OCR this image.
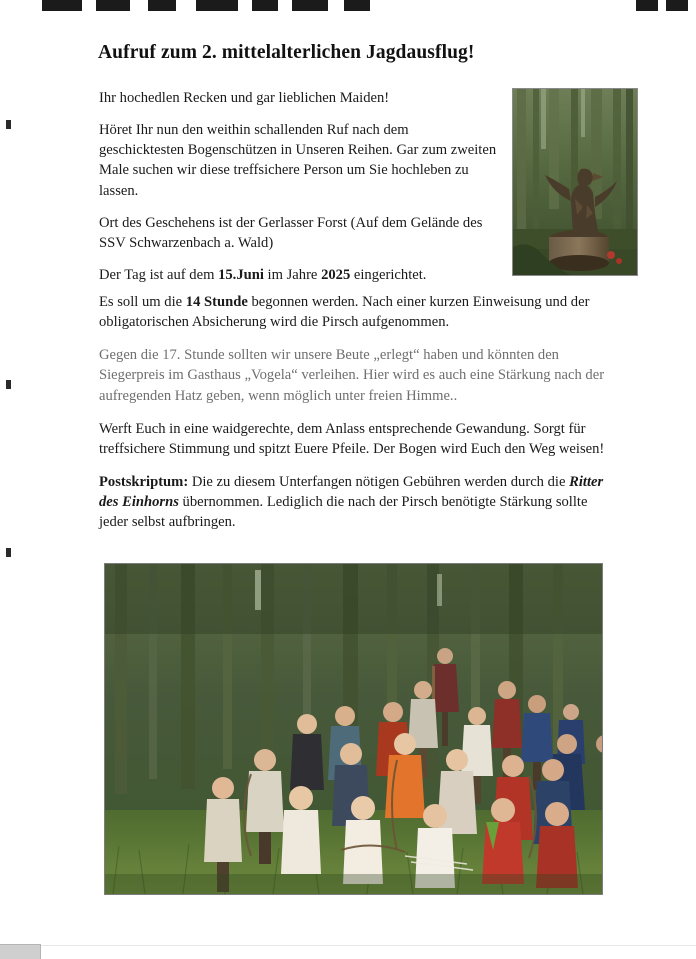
Aufruf zum 2. mittelalterlichen Jagdausflug!

Ihr hochedlen Recken und gar lieblichen Maiden!

Höret Ihr nun den weithin schallenden Ruf nach dem geschicktesten Bogenschützen in Unseren Reihen. Gar zum zweiten Male suchen wir diese treffsichere Person um Sie hochleben zu lassen.

Ort des Geschehens ist der Gerlasser Forst (Auf dem Gelände des SSV Schwarzenbach a. Wald)

Der Tag ist auf dem 15.Juni im Jahre 2025 eingerichtet.

Es soll um die 14 Stunde begonnen werden. Nach einer kurzen Einweisung und der obligatorischen Absicherung wird die Pirsch aufgenommen.

Gegen die 17. Stunde sollten wir unsere Beute „erlegt“ haben und könnten den Siegerpreis im Gasthaus „Vogela“ verleihen. Hier wird es auch eine Stärkung nach der aufregenden Hatz geben, wenn möglich unter freien Himme..

Werft Euch in eine waidgerechte, dem Anlass entsprechende Gewandung. Sorgt für treffsichere Stimmung und spitzt Euere Pfeile. Der Bogen wird Euch den Weg weisen!

Postskriptum: Die zu diesem Unterfangen nötigen Gebühren werden durch die Ritter des Einhorns übernommen. Lediglich die nach der Pirsch benötigte Stärkung sollte jeder selbst aufbringen.
